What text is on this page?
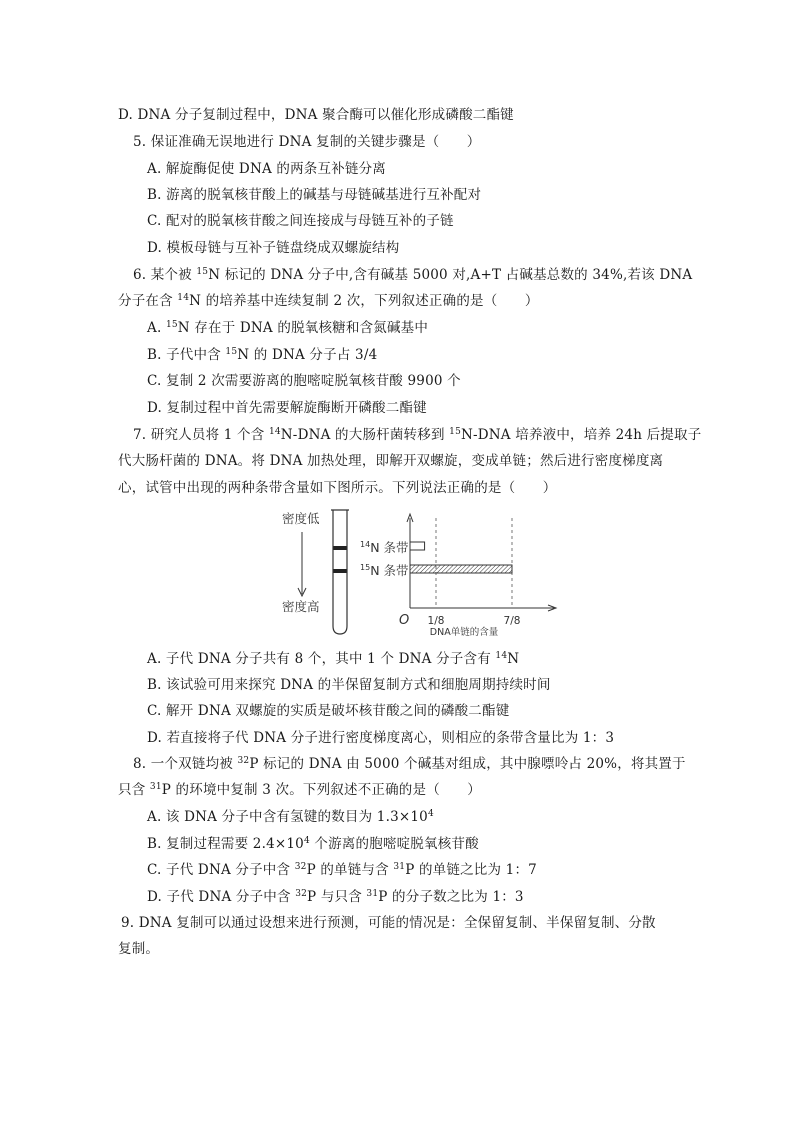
D. DNA 分子复制过程中，DNA 聚合酶可以催化形成磷酸二酯键
5. 保证准确无误地进行 DNA 复制的关键步骤是（　　）
A. 解旋酶促使 DNA 的两条互补链分离
B. 游离的脱氧核苷酸上的碱基与母链碱基进行互补配对
C. 配对的脱氧核苷酸之间连接成与母链互补的子链
D. 模板母链与互补子链盘绕成双螺旋结构
6. 某个被 $^{15}$N 标记的 DNA 分子中,含有碱基 5000 对,A+T 占碱基总数的 34%,若该 DNA
分子在含 $^{14}$N 的培养基中连续复制 2 次，下列叙述正确的是（　　）
A. $^{15}$N 存在于 DNA 的脱氧核糖和含氮碱基中
B. 子代中含 $^{15}$N 的 DNA 分子占 3/4
C. 复制 2 次需要游离的胞嘧啶脱氧核苷酸 9900 个
D. 复制过程中首先需要解旋酶断开磷酸二酯键
7. 研究人员将 1 个含 $^{14}$N-DNA 的大肠杆菌转移到 $^{15}$N-DNA 培养液中，培养 24h 后提取子
代大肠杆菌的 DNA。将 DNA 加热处理，即解开双螺旋，变成单链；然后进行密度梯度离
心，试管中出现的两种条带含量如下图所示。下列说法正确的是（　　）
密度低
密度高
$^{14}$N 条带
$^{15}$N 条带
O 1/8	7/8
DNA单链的含量
A. 子代 DNA 分子共有 8 个，其中 1 个 DNA 分子含有 $^{14}$N
B. 该试验可用来探究 DNA 的半保留复制方式和细胞周期持续时间
C. 解开 DNA 双螺旋的实质是破坏核苷酸之间的磷酸二酯键
D. 若直接将子代 DNA 分子进行密度梯度离心，则相应的条带含量比为 1：3
8. 一个双链均被 $^{32}$P 标记的 DNA 由 5000 个碱基对组成，其中腺嘌呤占 20%，将其置于
只含 $^{31}$P 的环境中复制 3 次。下列叙述不正确的是（　　）
A. 该 DNA 分子中含有氢键的数目为 $1.3\times 10^4$
B. 复制过程需要 $2.4\times 10^4$ 个游离的胞嘧啶脱氧核苷酸
C. 子代 DNA 分子中含 $^{32}$P 的单链与含 $^{31}$P 的单链之比为 1：7
D. 子代 DNA 分子中含 $^{32}$P 与只含 $^{31}$P 的分子数之比为 1：3
9. DNA 复制可以通过设想来进行预测，可能的情况是：全保留复制、半保留复制、分散
复制。
